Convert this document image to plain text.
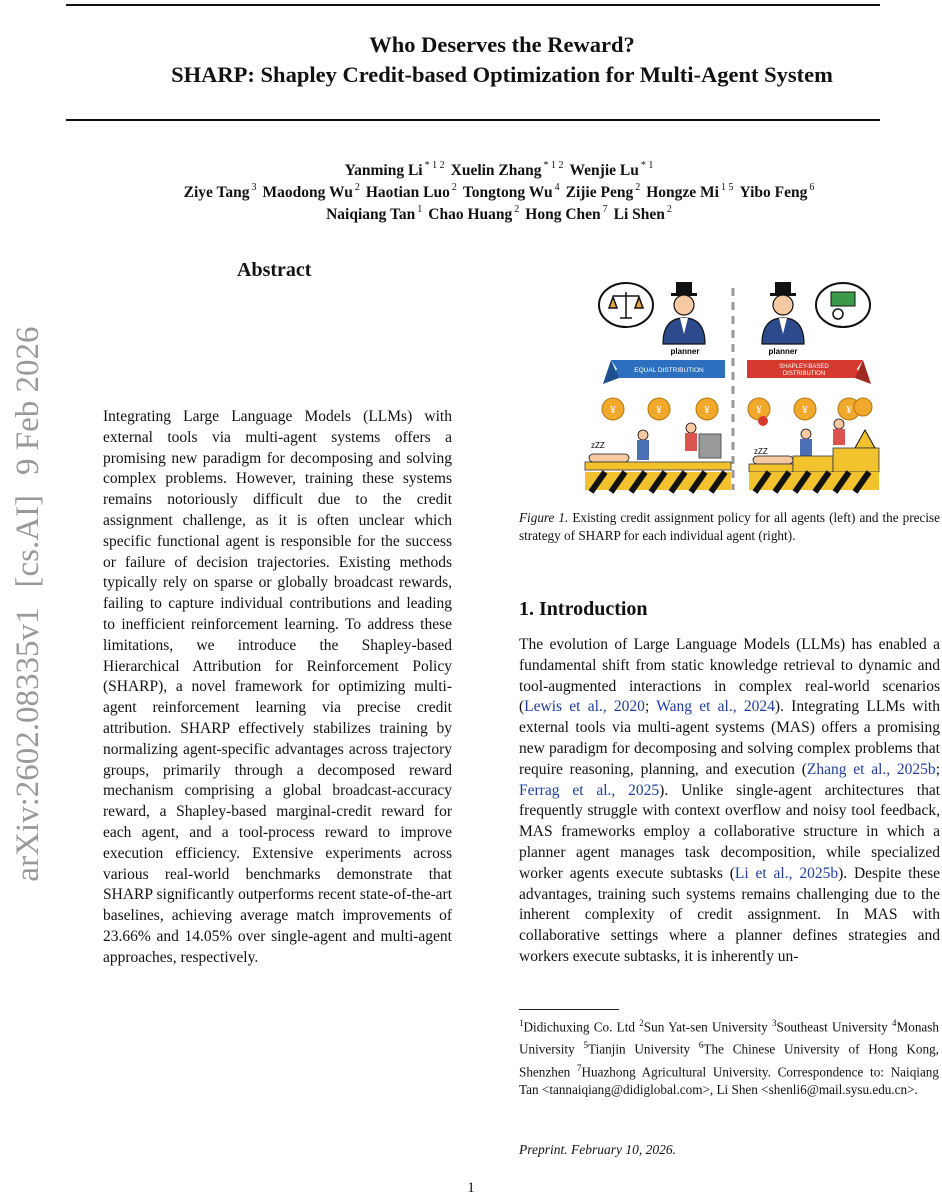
Who Deserves the Reward?
SHARP: Shapley Credit-based Optimization for Multi-Agent System
Yanming Li $^{* 1 2}$ Xuelin Zhang $^{* 1 2}$ Wenjie Lu $^{* 1}$
Ziye Tang $^3$ Maodong Wu $^2$ Haotian Luo $^2$ Tongtong Wu $^4$ Zijie Peng $^2$ Hongze Mi $^{1 5}$ Yibo Feng $^6$
Naiqiang Tan $^1$ Chao Huang $^2$ Hong Chen $^7$ Li Shen $^2$
arXiv:2602.08335v1[cs.AI]9 Feb 2026
Abstract
Integrating Large Language Models (LLMs) with external tools via multi-agent systems offers a promising new paradigm for decomposing and solving complex problems. However, training these systems remains notoriously difficult due to the credit assignment challenge, as it is often unclear which specific functional agent is responsible for the success or failure of decision trajectories. Existing methods typically rely on sparse or globally broadcast rewards, failing to capture individual contributions and leading to inefficient reinforcement learning. To address these limitations, we introduce the Shapley-based Hierarchical Attribution for Reinforcement Policy (SHARP), a novel framework for optimizing multi-agent reinforcement learning via precise credit attribution. SHARP effectively stabilizes training by normalizing agent-specific advantages across trajectory groups, primarily through a decomposed reward mechanism comprising a global broadcast-accuracy reward, a Shapley-based marginal-credit reward for each agent, and a tool-process reward to improve execution efficiency. Extensive experiments across various real-world benchmarks demonstrate that SHARP significantly outperforms recent state-of-the-art baselines, achieving average match improvements of 23.66% and 14.05% over single-agent and multi-agent approaches, respectively.
planner
EQUAL DISTRIBUTION
¥	¥	¥
zZZ
planner
SHAPLEY-BASED
DISTRIBUTION
¥	¥	¥
zZZ
Figure 1. Existing credit assignment policy for all agents (left) and the precise strategy of SHARP for each individual agent (right).
1. Introduction
The evolution of Large Language Models (LLMs) has enabled a fundamental shift from static knowledge retrieval to dynamic and tool-augmented interactions in complex real-world scenarios (Lewis et al., 2020; Wang et al., 2024). Integrating LLMs with external tools via multi-agent systems (MAS) offers a promising new paradigm for decomposing and solving complex problems that require reasoning, planning, and execution (Zhang et al., 2025b; Ferrag et al., 2025). Unlike single-agent architectures that frequently struggle with context overflow and noisy tool feedback, MAS frameworks employ a collaborative structure in which a planner agent manages task decomposition, while specialized worker agents execute subtasks (Li et al., 2025b). Despite these advantages, training such systems remains challenging due to the inherent complexity of credit assignment. In MAS with collaborative settings where a planner defines strategies and workers execute subtasks, it is inherently un-
$^1$Didichuxing Co. Ltd $^2$Sun Yat-sen University $^3$Southeast University $^4$Monash University $^5$Tianjin University $^6$The Chinese University of Hong Kong, Shenzhen $^7$Huazhong Agricultural University. Correspondence to: Naiqiang Tan <tannaiqiang@didiglobal.com>, Li Shen <shenli6@mail.sysu.edu.cn>.
Preprint. February 10, 2026.
1
